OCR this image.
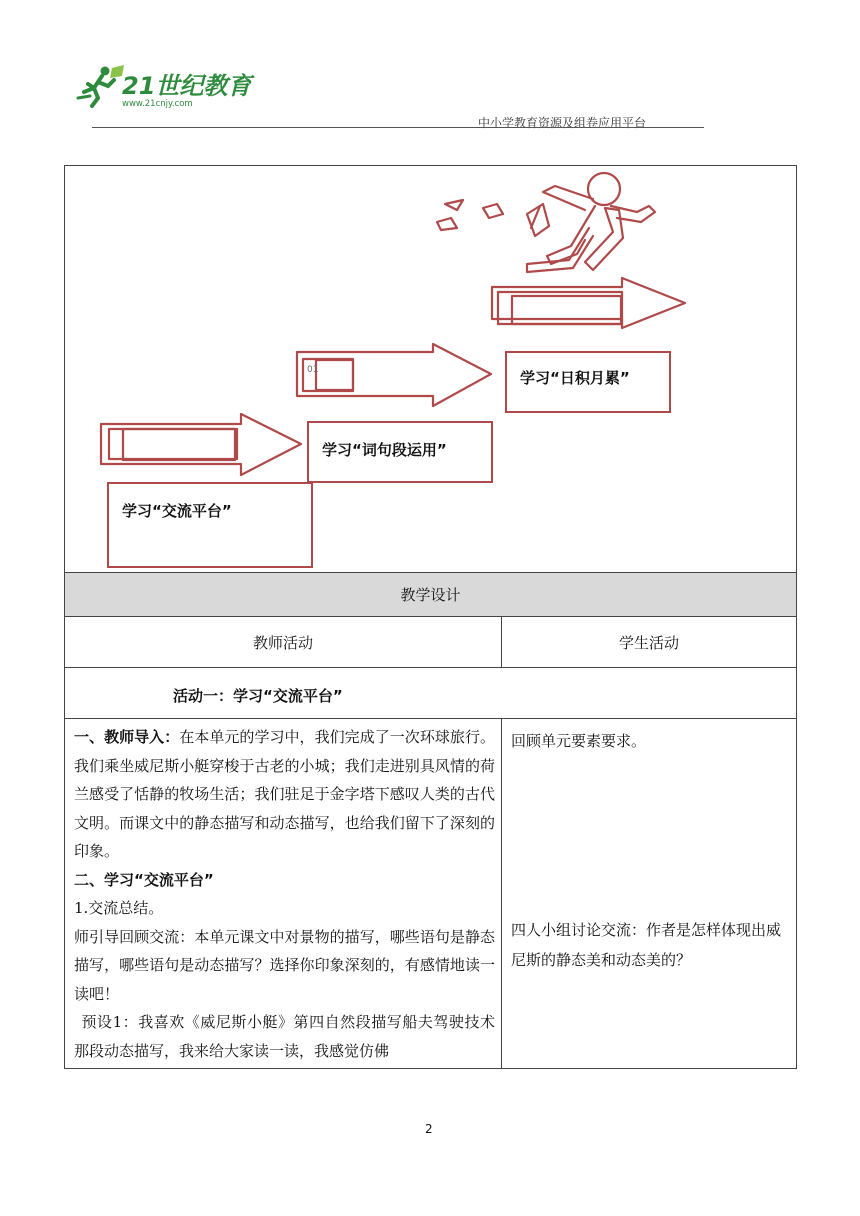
21世纪教育
www.21cnjy.com
中小学教育资源及组卷应用平台
01	学习“日积月累”
学习“词句段运用”
学习“交流平台”
教学设计
教师活动	学生活动
活动一：学习“交流平台”

一、教师导入：在本单元的学习中，我们完成了一次环球旅行。我们乘坐威尼斯小艇穿梭于古老的小城；我们走进别具风情的荷兰感受了恬静的牧场生活；我们驻足于金字塔下感叹人类的古代文明。而课文中的静态描写和动态描写，也给我们留下了深刻的印象。

二、学习“交流平台”

1.交流总结。

师引导回顾交流：本单元课文中对景物的描写，哪些语句是静态描写，哪些语句是动态描写？选择你印象深刻的，有感情地读一读吧！

预设1：我喜欢《威尼斯小艇》第四自然段描写船夫驾驶技术那段动态描写，我来给大家读一读，我感觉仿佛

回顾单元要素要求。
四人小组讨论交流：作者是怎样体现出威尼斯的静态美和动态美的？
2
